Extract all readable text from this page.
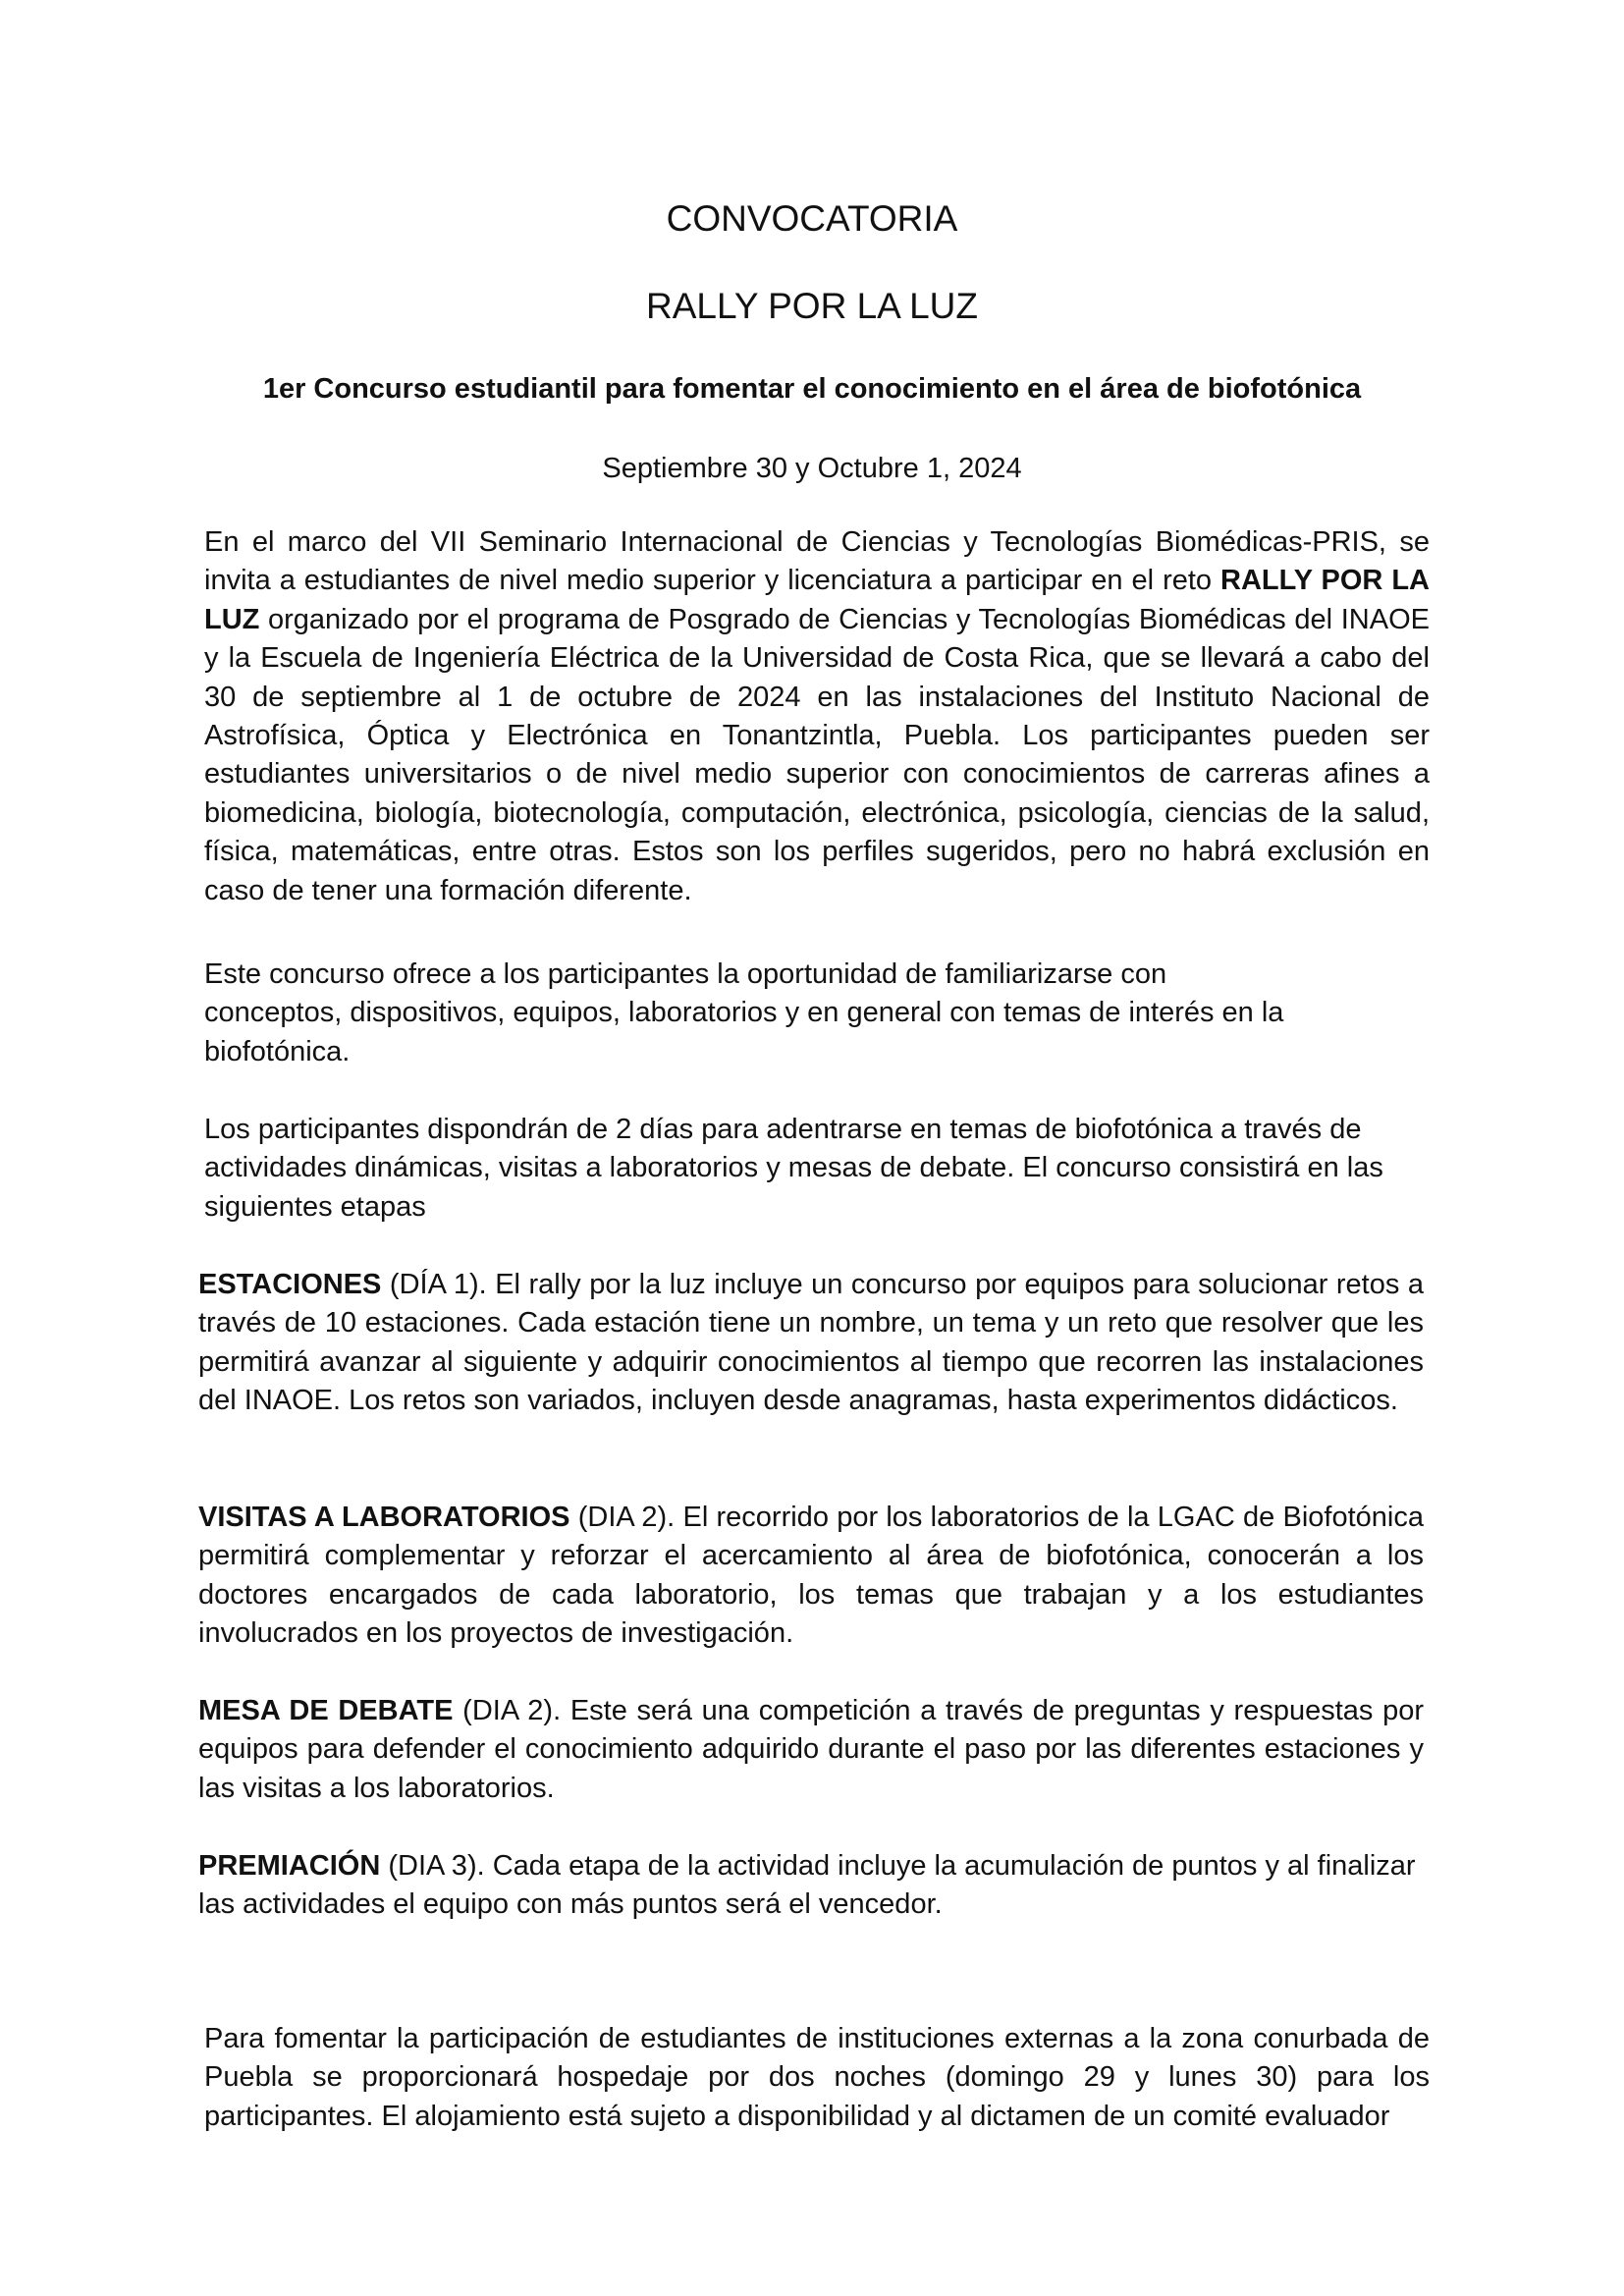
CONVOCATORIA
RALLY POR LA LUZ
1er Concurso estudiantil para fomentar el conocimiento en el área de biofotónica
Septiembre 30 y Octubre 1, 2024

En el marco del VII Seminario Internacional de Ciencias y Tecnologías Biomédicas-PRIS, se invita a estudiantes de nivel medio superior y licenciatura a participar en el reto RALLY POR LA LUZ organizado por el programa de Posgrado de Ciencias y Tecnologías Biomédicas del INAOE y la Escuela de Ingeniería Eléctrica de la Universidad de Costa Rica, que se llevará a cabo del 30 de septiembre al 1 de octubre de 2024 en las instalaciones del Instituto Nacional de Astrofísica, Óptica y Electrónica en Tonantzintla, Puebla. Los participantes pueden ser estudiantes universitarios o de nivel medio superior con conocimientos de carreras afines a biomedicina, biología, biotecnología, computación, electrónica, psicología, ciencias de la salud, física, matemáticas, entre otras. Estos son los perfiles sugeridos, pero no habrá exclusión en caso de tener una formación diferente.

Este concurso ofrece a los participantes la oportunidad de familiarizarse con
conceptos, dispositivos, equipos, laboratorios y en general con temas de interés en la
biofotónica.

Los participantes dispondrán de 2 días para adentrarse en temas de biofotónica a través de actividades dinámicas, visitas a laboratorios y mesas de debate. El concurso consistirá en las siguientes etapas

ESTACIONES (DÍA 1). El rally por la luz incluye un concurso por equipos para solucionar retos a través de 10 estaciones. Cada estación tiene un nombre, un tema y un reto que resolver que les permitirá avanzar al siguiente y adquirir conocimientos al tiempo que recorren las instalaciones del INAOE. Los retos son variados, incluyen desde anagramas, hasta experimentos didácticos.

VISITAS A LABORATORIOS (DIA 2). El recorrido por los laboratorios de la LGAC de Biofotónica permitirá complementar y reforzar el acercamiento al área de biofotónica, conocerán a los doctores encargados de cada laboratorio, los temas que trabajan y a los estudiantes involucrados en los proyectos de investigación.

MESA DE DEBATE (DIA 2). Este será una competición a través de preguntas y respuestas por equipos para defender el conocimiento adquirido durante el paso por las diferentes estaciones y las visitas a los laboratorios.

PREMIACIÓN (DIA 3). Cada etapa de la actividad incluye la acumulación de puntos y al finalizar las actividades el equipo con más puntos será el vencedor.

Para fomentar la participación de estudiantes de instituciones externas a la zona conurbada de Puebla se proporcionará hospedaje por dos noches (domingo 29 y lunes 30) para los participantes. El alojamiento está sujeto a disponibilidad y al dictamen de un comité evaluador
